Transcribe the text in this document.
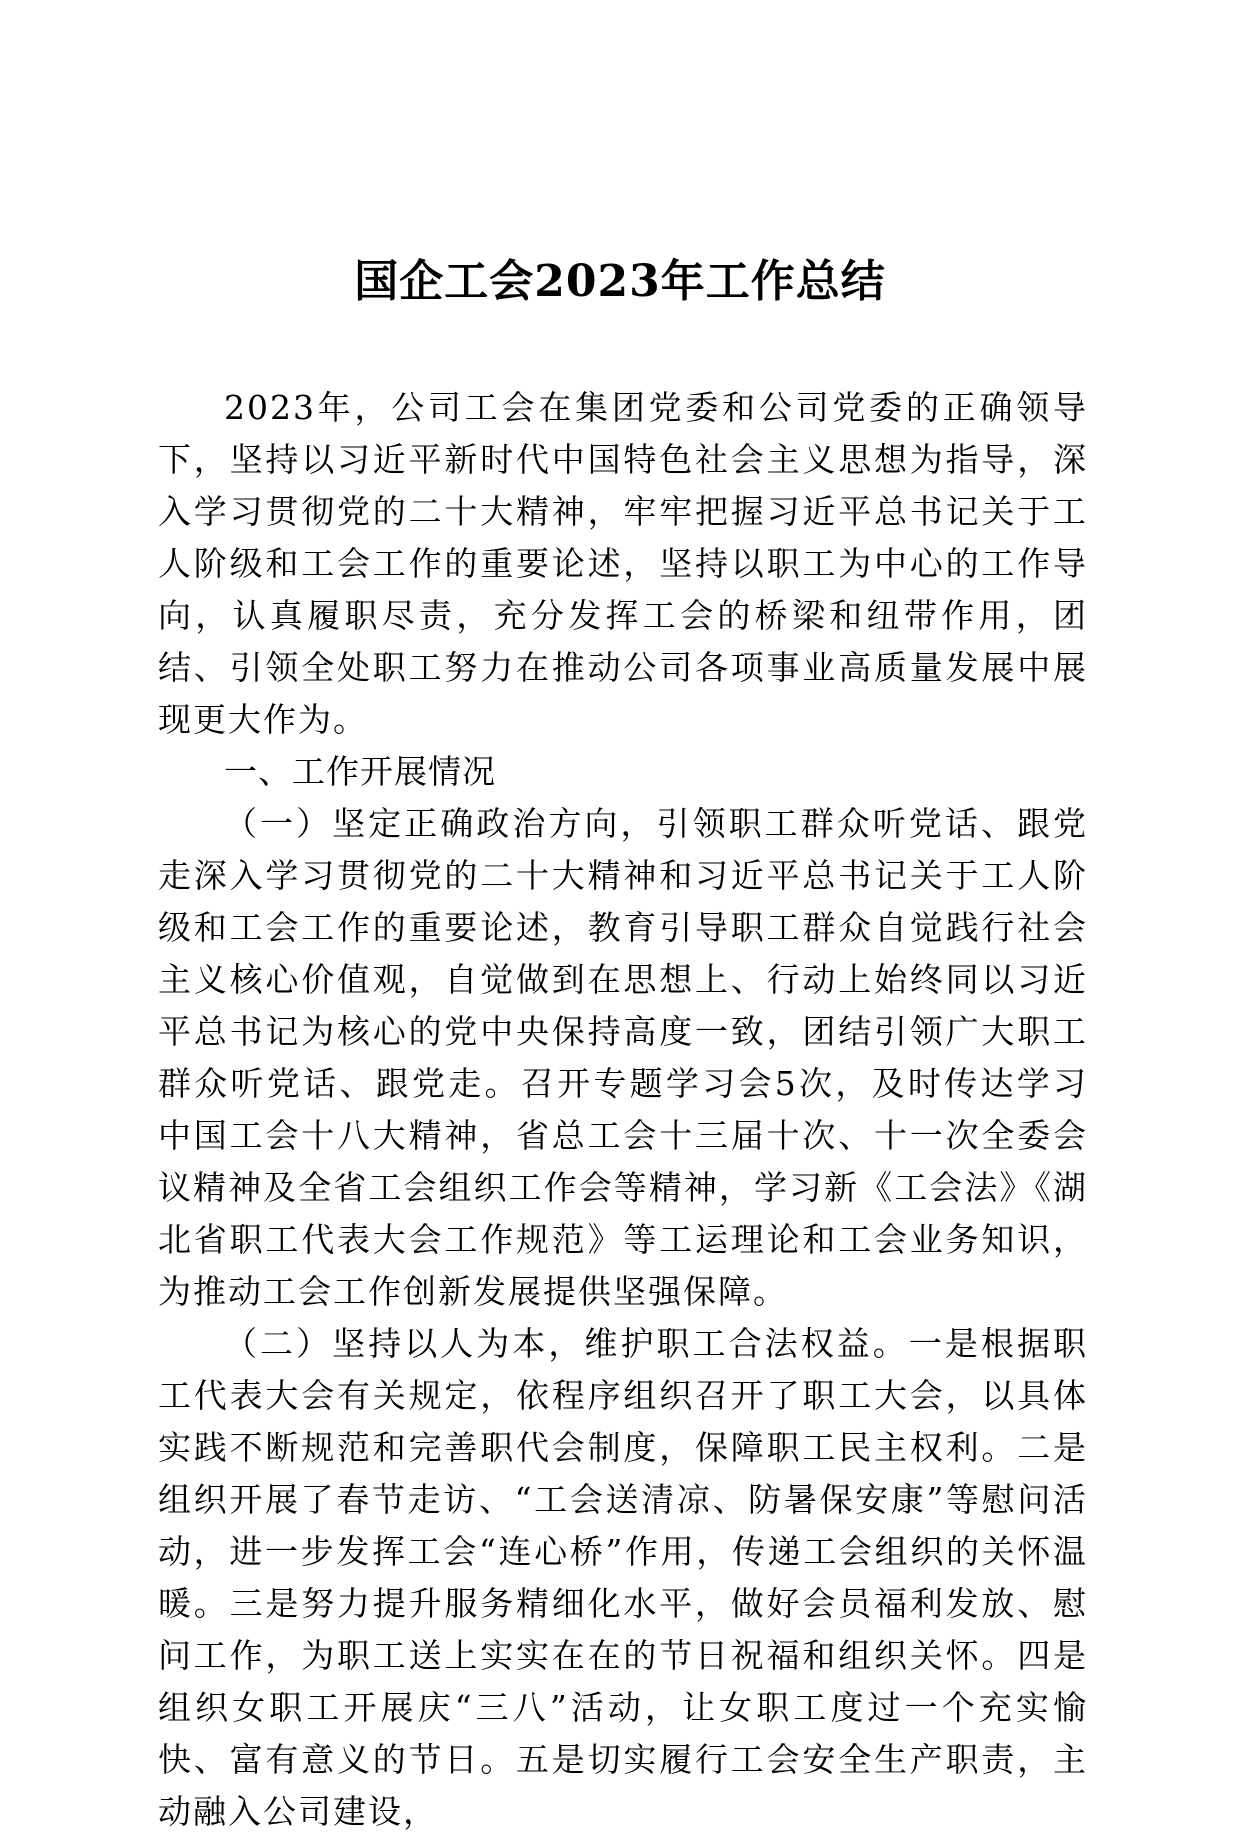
国企工会2023年工作总结

2023年，公司工会在集团党委和公司党委的正确领导下，坚持以习近平新时代中国特色社会主义思想为指导，深入学习贯彻党的二十大精神，牢牢把握习近平总书记关于工人阶级和工会工作的重要论述，坚持以职工为中心的工作导向，认真履职尽责，充分发挥工会的桥梁和纽带作用，团结、引领全处职工努力在推动公司各项事业高质量发展中展现更大作为。

一、工作开展情况

（一）坚定正确政治方向，引领职工群众听党话、跟党走深入学习贯彻党的二十大精神和习近平总书记关于工人阶级和工会工作的重要论述，教育引导职工群众自觉践行社会主义核心价值观，自觉做到在思想上、行动上始终同以习近平总书记为核心的党中央保持高度一致，团结引领广大职工群众听党话、跟党走。召开专题学习会5次，及时传达学习中国工会十八大精神，省总工会十三届十次、十一次全委会议精神及全省工会组织工作会等精神，学习新《工会法》《湖北省职工代表大会工作规范》等工运理论和工会业务知识，为推动工会工作创新发展提供坚强保障。

（二）坚持以人为本，维护职工合法权益。一是根据职工代表大会有关规定，依程序组织召开了职工大会，以具体实践不断规范和完善职代会制度，保障职工民主权利。二是组织开展了春节走访、“工会送清凉、防暑保安康”等慰问活动，进一步发挥工会“连心桥”作用，传递工会组织的关怀温暖。三是努力提升服务精细化水平，做好会员福利发放、慰问工作，为职工送上实实在在的节日祝福和组织关怀。四是组织女职工开展庆“三八”活动，让女职工度过一个充实愉快、富有意义的节日。五是切实履行工会安全生产职责，主动融入公司建设，
